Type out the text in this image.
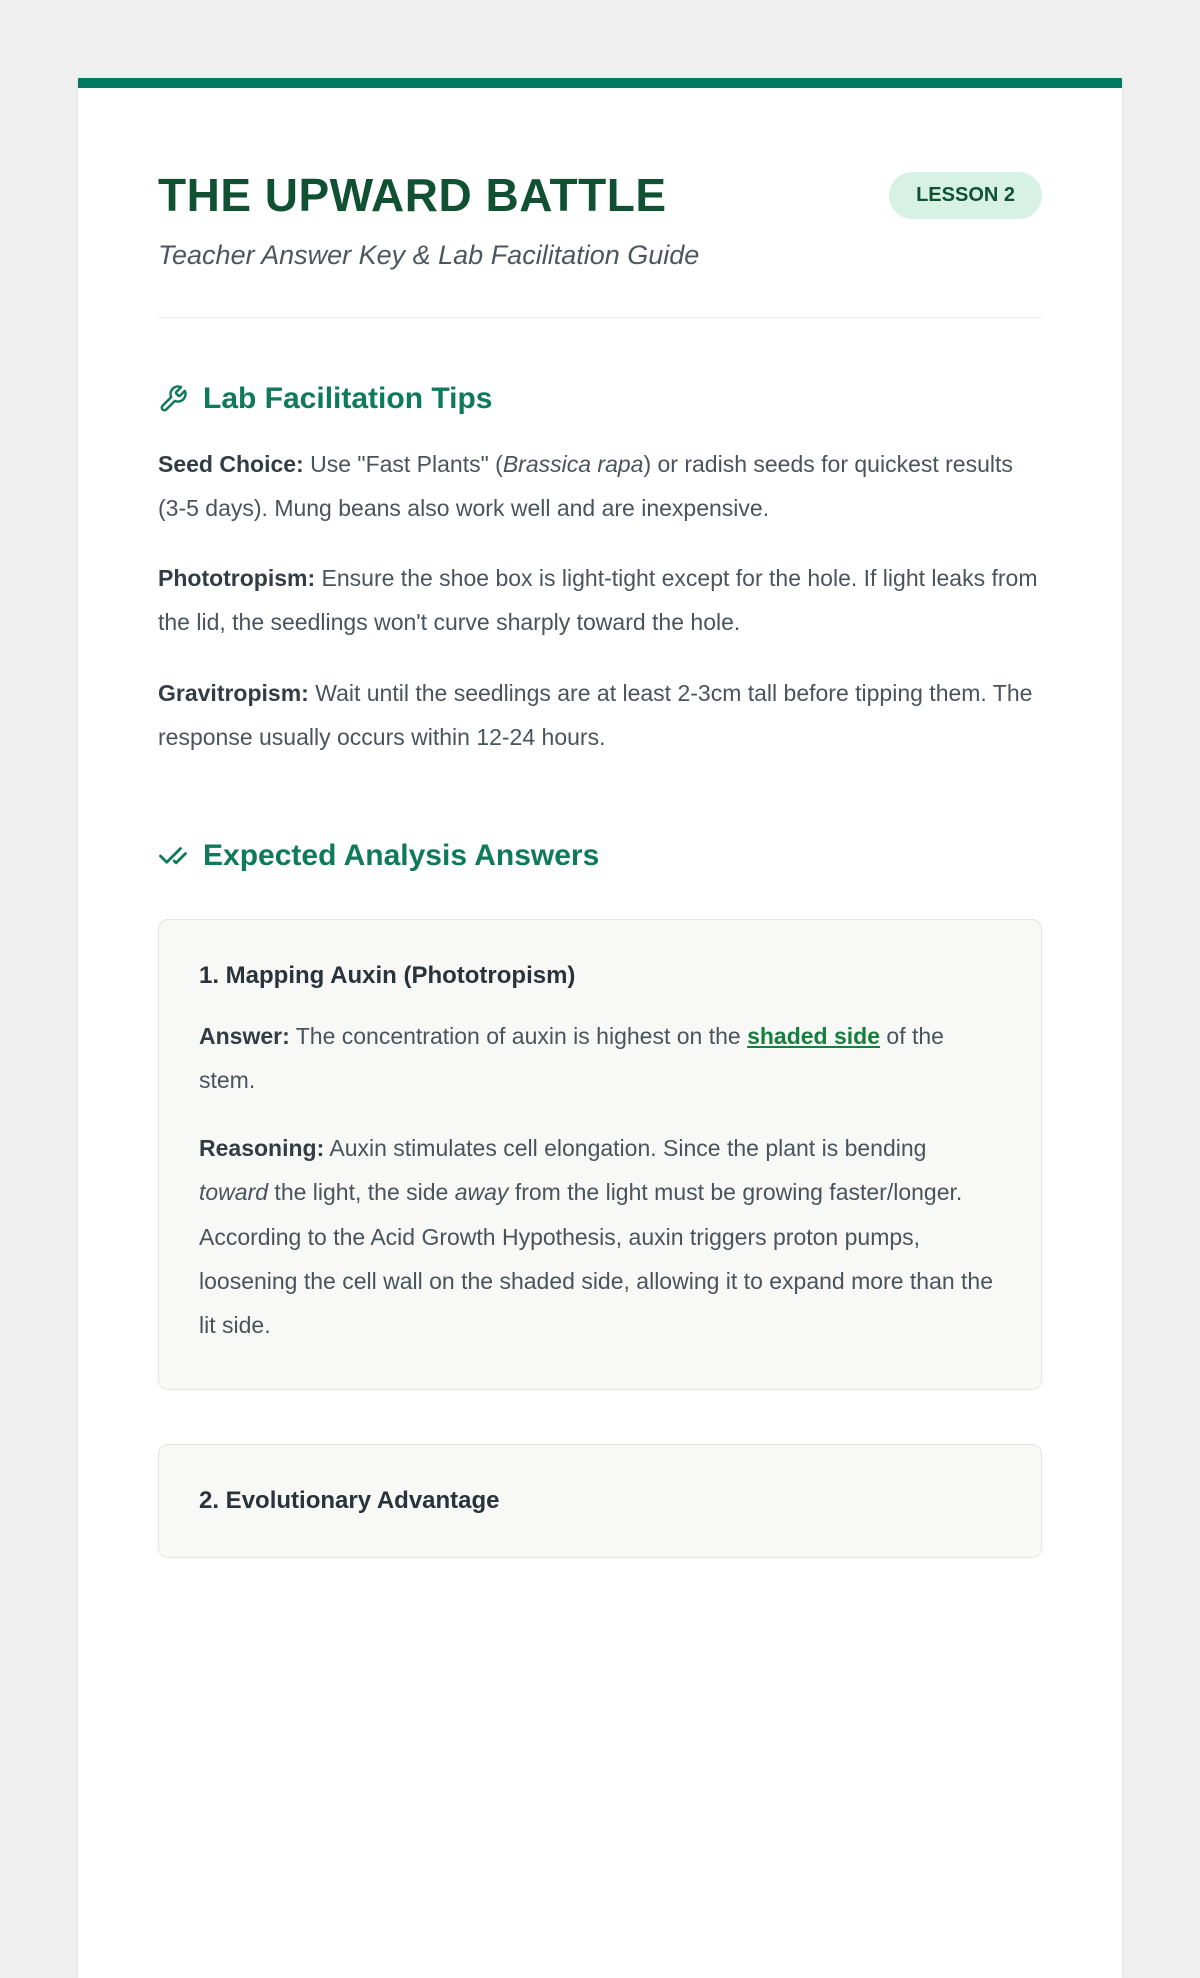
THE UPWARD BATTLE	LESSON 2

Teacher Answer Key & Lab Facilitation Guide

Lab Facilitation Tips

Seed Choice: Use "Fast Plants" (Brassica rapa) or radish seeds for quickest results (3-5 days). Mung beans also work well and are inexpensive.

Phototropism: Ensure the shoe box is light-tight except for the hole. If light leaks from the lid, the seedlings won't curve sharply toward the hole.

Gravitropism: Wait until the seedlings are at least 2-3cm tall before tipping them. The response usually occurs within 12-24 hours.

Expected Analysis Answers
1. Mapping Auxin (Phototropism)

Answer: The concentration of auxin is highest on the shaded side of the stem.

Reasoning: Auxin stimulates cell elongation. Since the plant is bending toward the light, the side away from the light must be growing faster/longer. According to the Acid Growth Hypothesis, auxin triggers proton pumps, loosening the cell wall on the shaded side, allowing it to expand more than the lit side.

2. Evolutionary Advantage
